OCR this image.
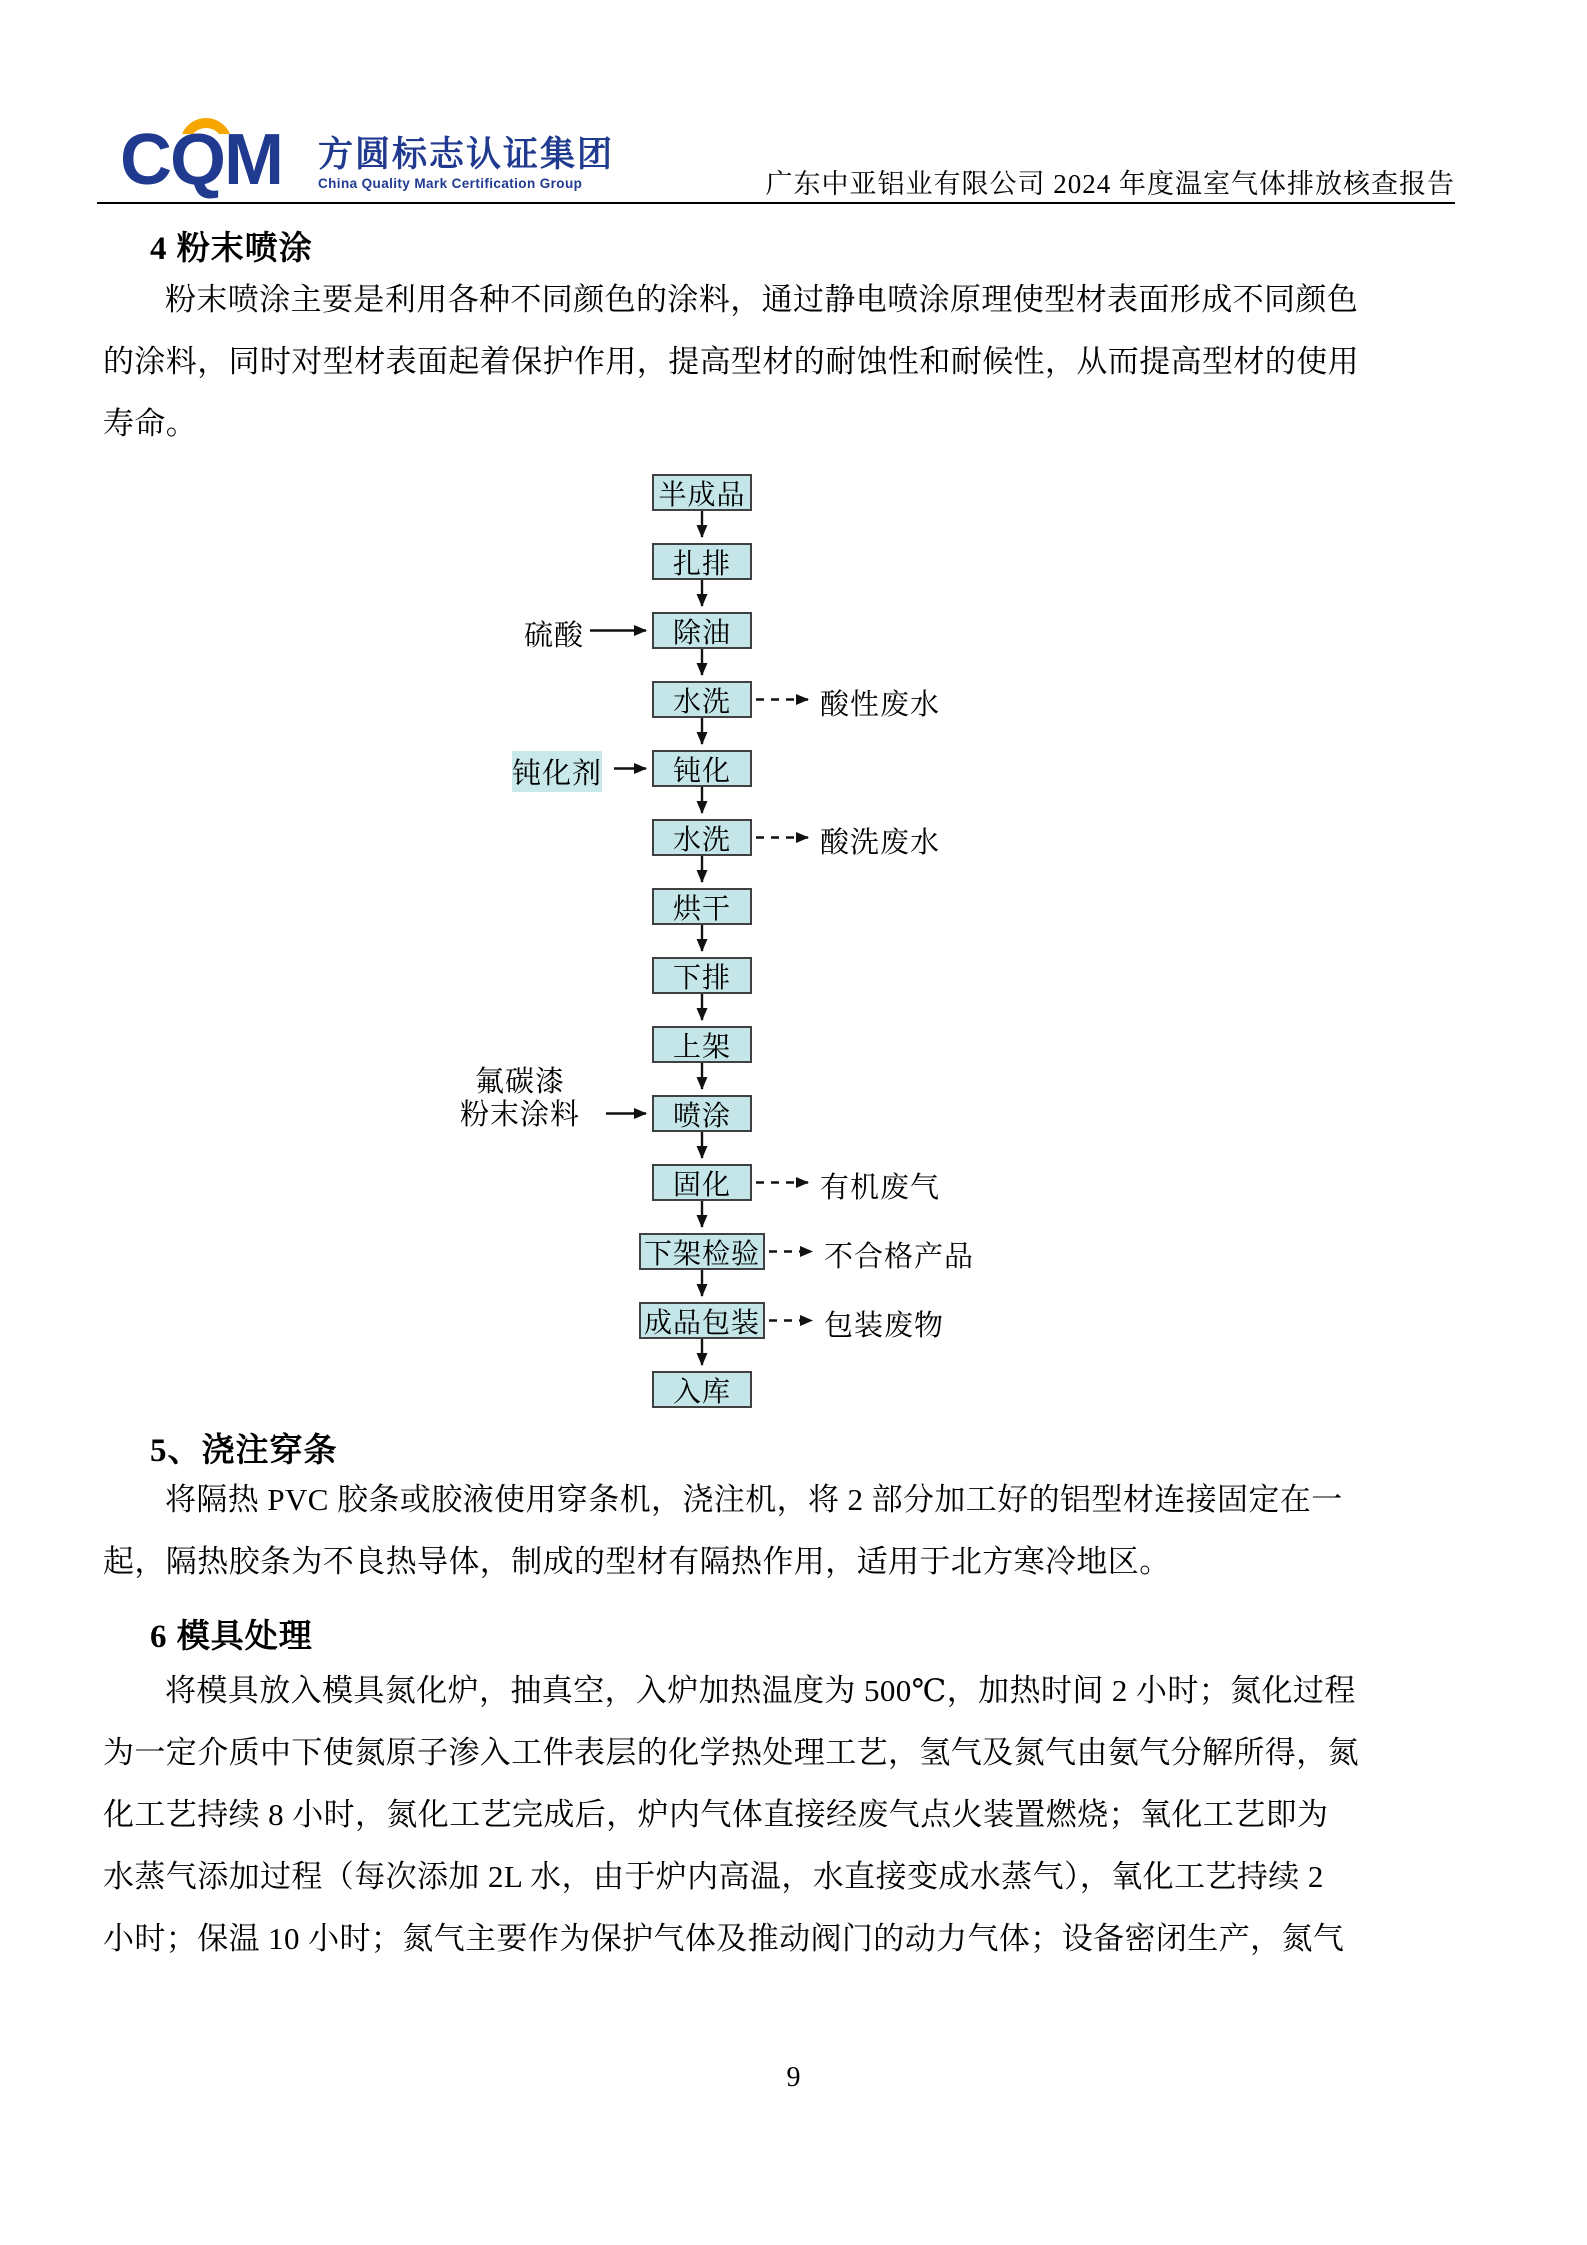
CQM 方圆标志认证集团
China Quality Mark Certification Group	广东中亚铝业有限公司 2024 年度温室气体排放核查报告
4 粉末喷涂
粉末喷涂主要是利用各种不同颜色的涂料，通过静电喷涂原理使型材表面形成不同颜色
的涂料，同时对型材表面起着保护作用，提高型材的耐蚀性和耐候性，从而提高型材的使用
寿命。
半成品
扎排
除油
水洗
钝化
水洗
烘干
下排
上架
喷涂
固化
下架检验
成品包装
入库
硫酸
钝化剂
氟碳漆
粉末涂料
酸性废水
酸洗废水
有机废气
不合格产品
包装废物
5、浇注穿条
将隔热 PVC 胶条或胶液使用穿条机，浇注机，将 2 部分加工好的铝型材连接固定在一
起，隔热胶条为不良热导体，制成的型材有隔热作用，适用于北方寒冷地区。
6 模具处理
将模具放入模具氮化炉，抽真空，入炉加热温度为 500℃，加热时间 2 小时；氮化过程
为一定介质中下使氮原子渗入工件表层的化学热处理工艺，氢气及氮气由氨气分解所得，氮
化工艺持续 8 小时，氮化工艺完成后，炉内气体直接经废气点火装置燃烧；氧化工艺即为
水蒸气添加过程（每次添加 2L 水，由于炉内高温，水直接变成水蒸气），氧化工艺持续 2
小时；保温 10 小时；氮气主要作为保护气体及推动阀门的动力气体；设备密闭生产，氮气
9
